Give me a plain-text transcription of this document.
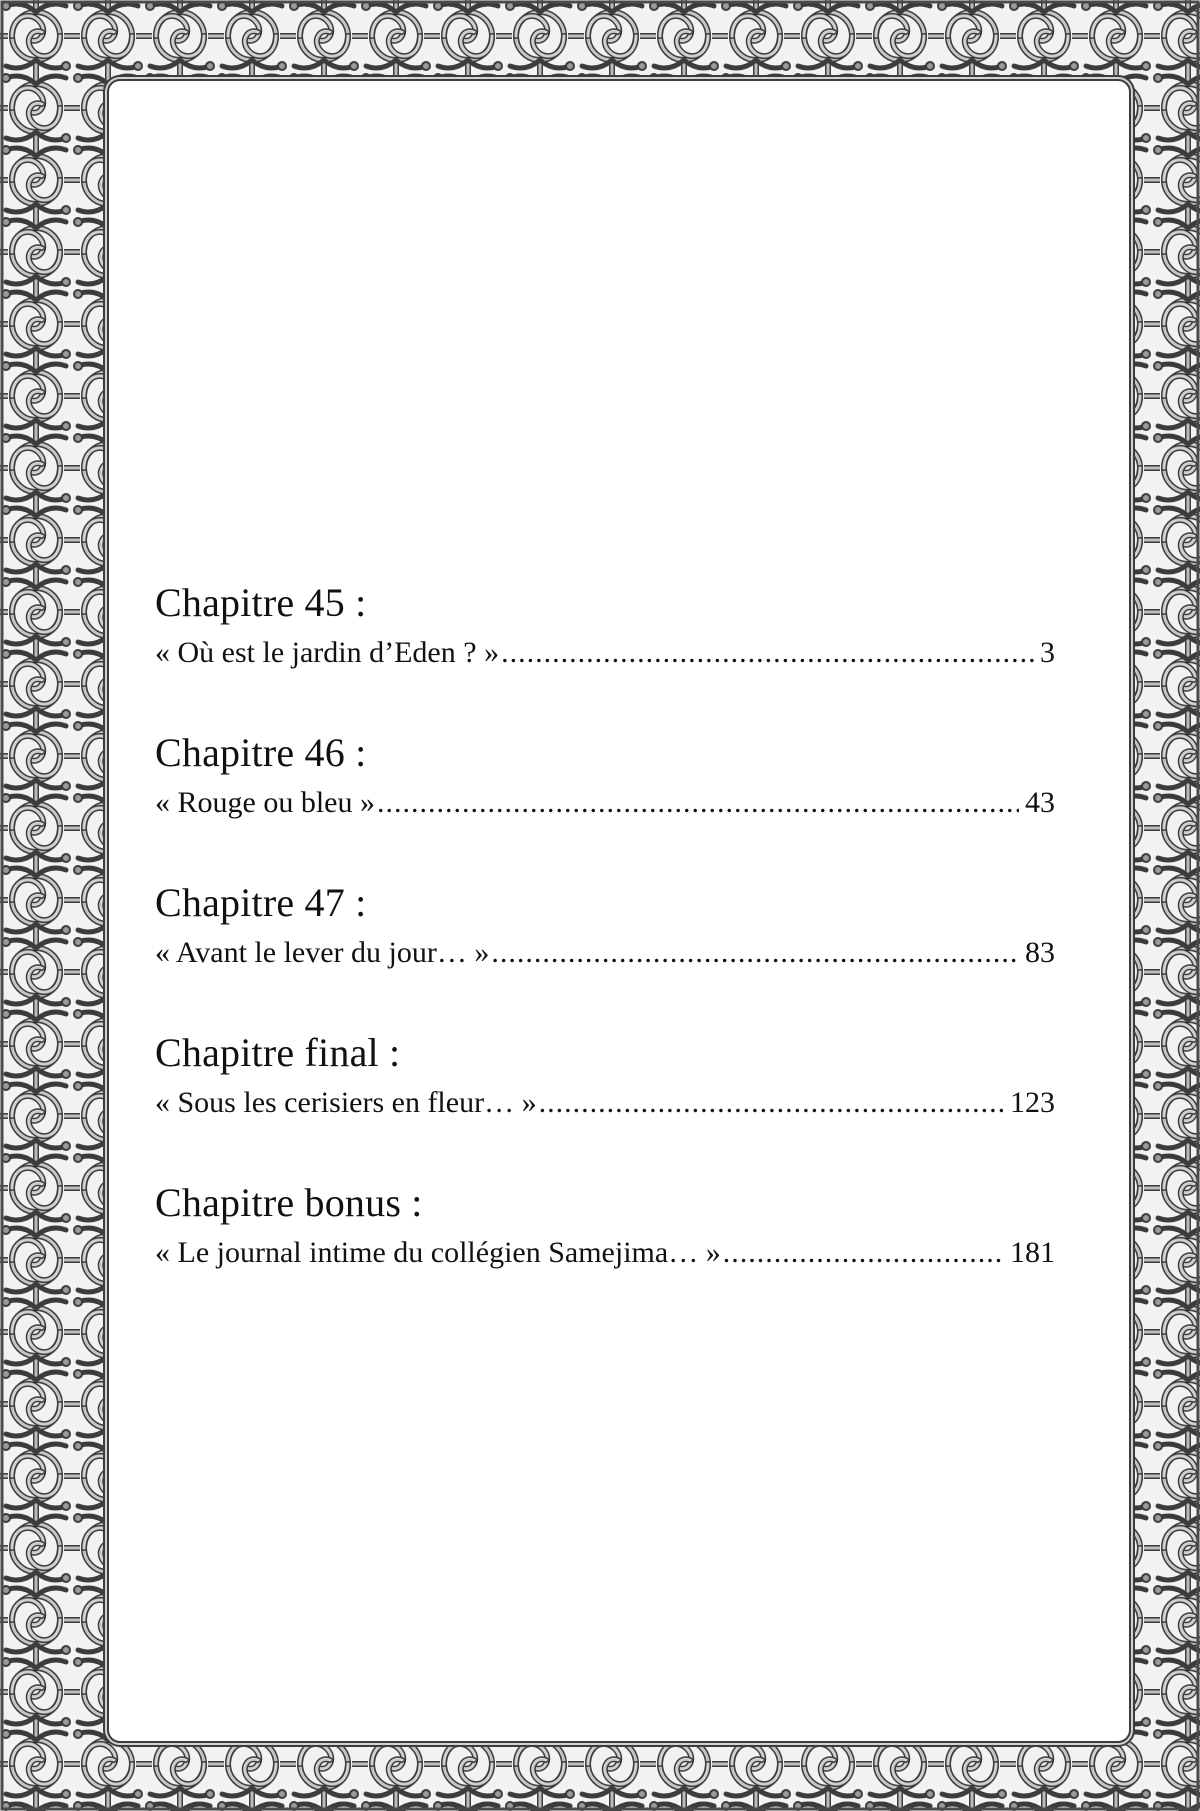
Chapitre 45 :
« Où est le jardin d’Eden ? » .....	3
Chapitre 46 :
« Rouge ou bleu » .....	43
Chapitre 47 :
« Avant le lever du jour… » .....	83
Chapitre final :
« Sous les cerisiers en fleur… » .....	123
Chapitre bonus :
« Le journal intime du collégien Samejima… » .....	181
